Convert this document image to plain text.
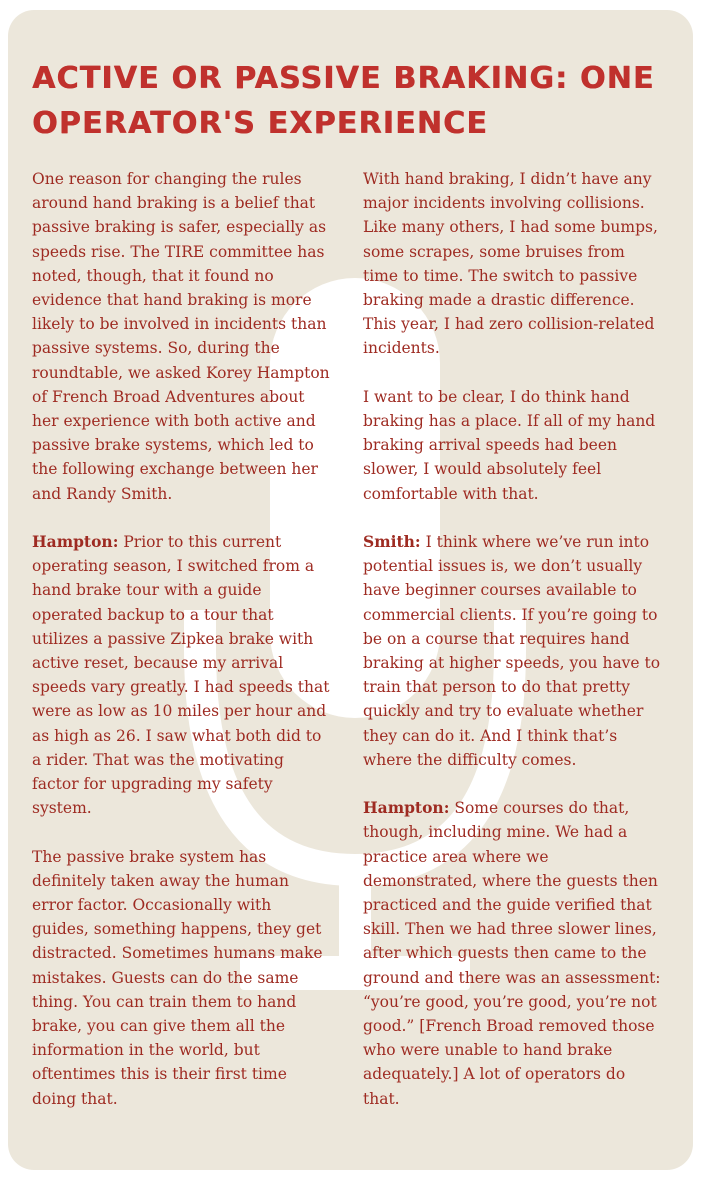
ACTIVE OR PASSIVE BRAKING: ONE OPERATOR'S EXPERIENCE

One reason for changing the rules around hand braking is a belief that passive braking is safer, especially as speeds rise. The TIRE committee has noted, though, that it found no evidence that hand braking is more likely to be involved in incidents than passive systems. So, during the roundtable, we asked Korey Hampton of French Broad Adventures about her experience with both active and passive brake systems, which led to the following exchange between her and Randy Smith.

Hampton: Prior to this current operating season, I switched from a hand brake tour with a guide operated backup to a tour that utilizes a passive Zipkea brake with active reset, because my arrival speeds vary greatly. I had speeds that were as low as 10 miles per hour and as high as 26. I saw what both did to a rider. That was the motivating factor for upgrading my safety system.

The passive brake system has definitely taken away the human error factor. Occasionally with guides, something happens, they get distracted. Sometimes humans make mistakes. Guests can do the same thing. You can train them to hand brake, you can give them all the information in the world, but oftentimes this is their first time doing that.

With hand braking, I didn’t have any major incidents involving collisions. Like many others, I had some bumps, some scrapes, some bruises from time to time. The switch to passive braking made a drastic difference. This year, I had zero collision-related incidents.

I want to be clear, I do think hand braking has a place. If all of my hand braking arrival speeds had been slower, I would absolutely feel comfortable with that.

Smith: I think where we’ve run into potential issues is, we don’t usually have beginner courses available to commercial clients. If you’re going to be on a course that requires hand braking at higher speeds, you have to train that person to do that pretty quickly and try to evaluate whether they can do it. And I think that’s where the difficulty comes.

Hampton: Some courses do that, though, including mine. We had a practice area where we demonstrated, where the guests then practiced and the guide verified that skill. Then we had three slower lines, after which guests then came to the ground and there was an assessment: “you’re good, you’re good, you’re not good.” [French Broad removed those who were unable to hand brake adequately.] A lot of operators do that.
